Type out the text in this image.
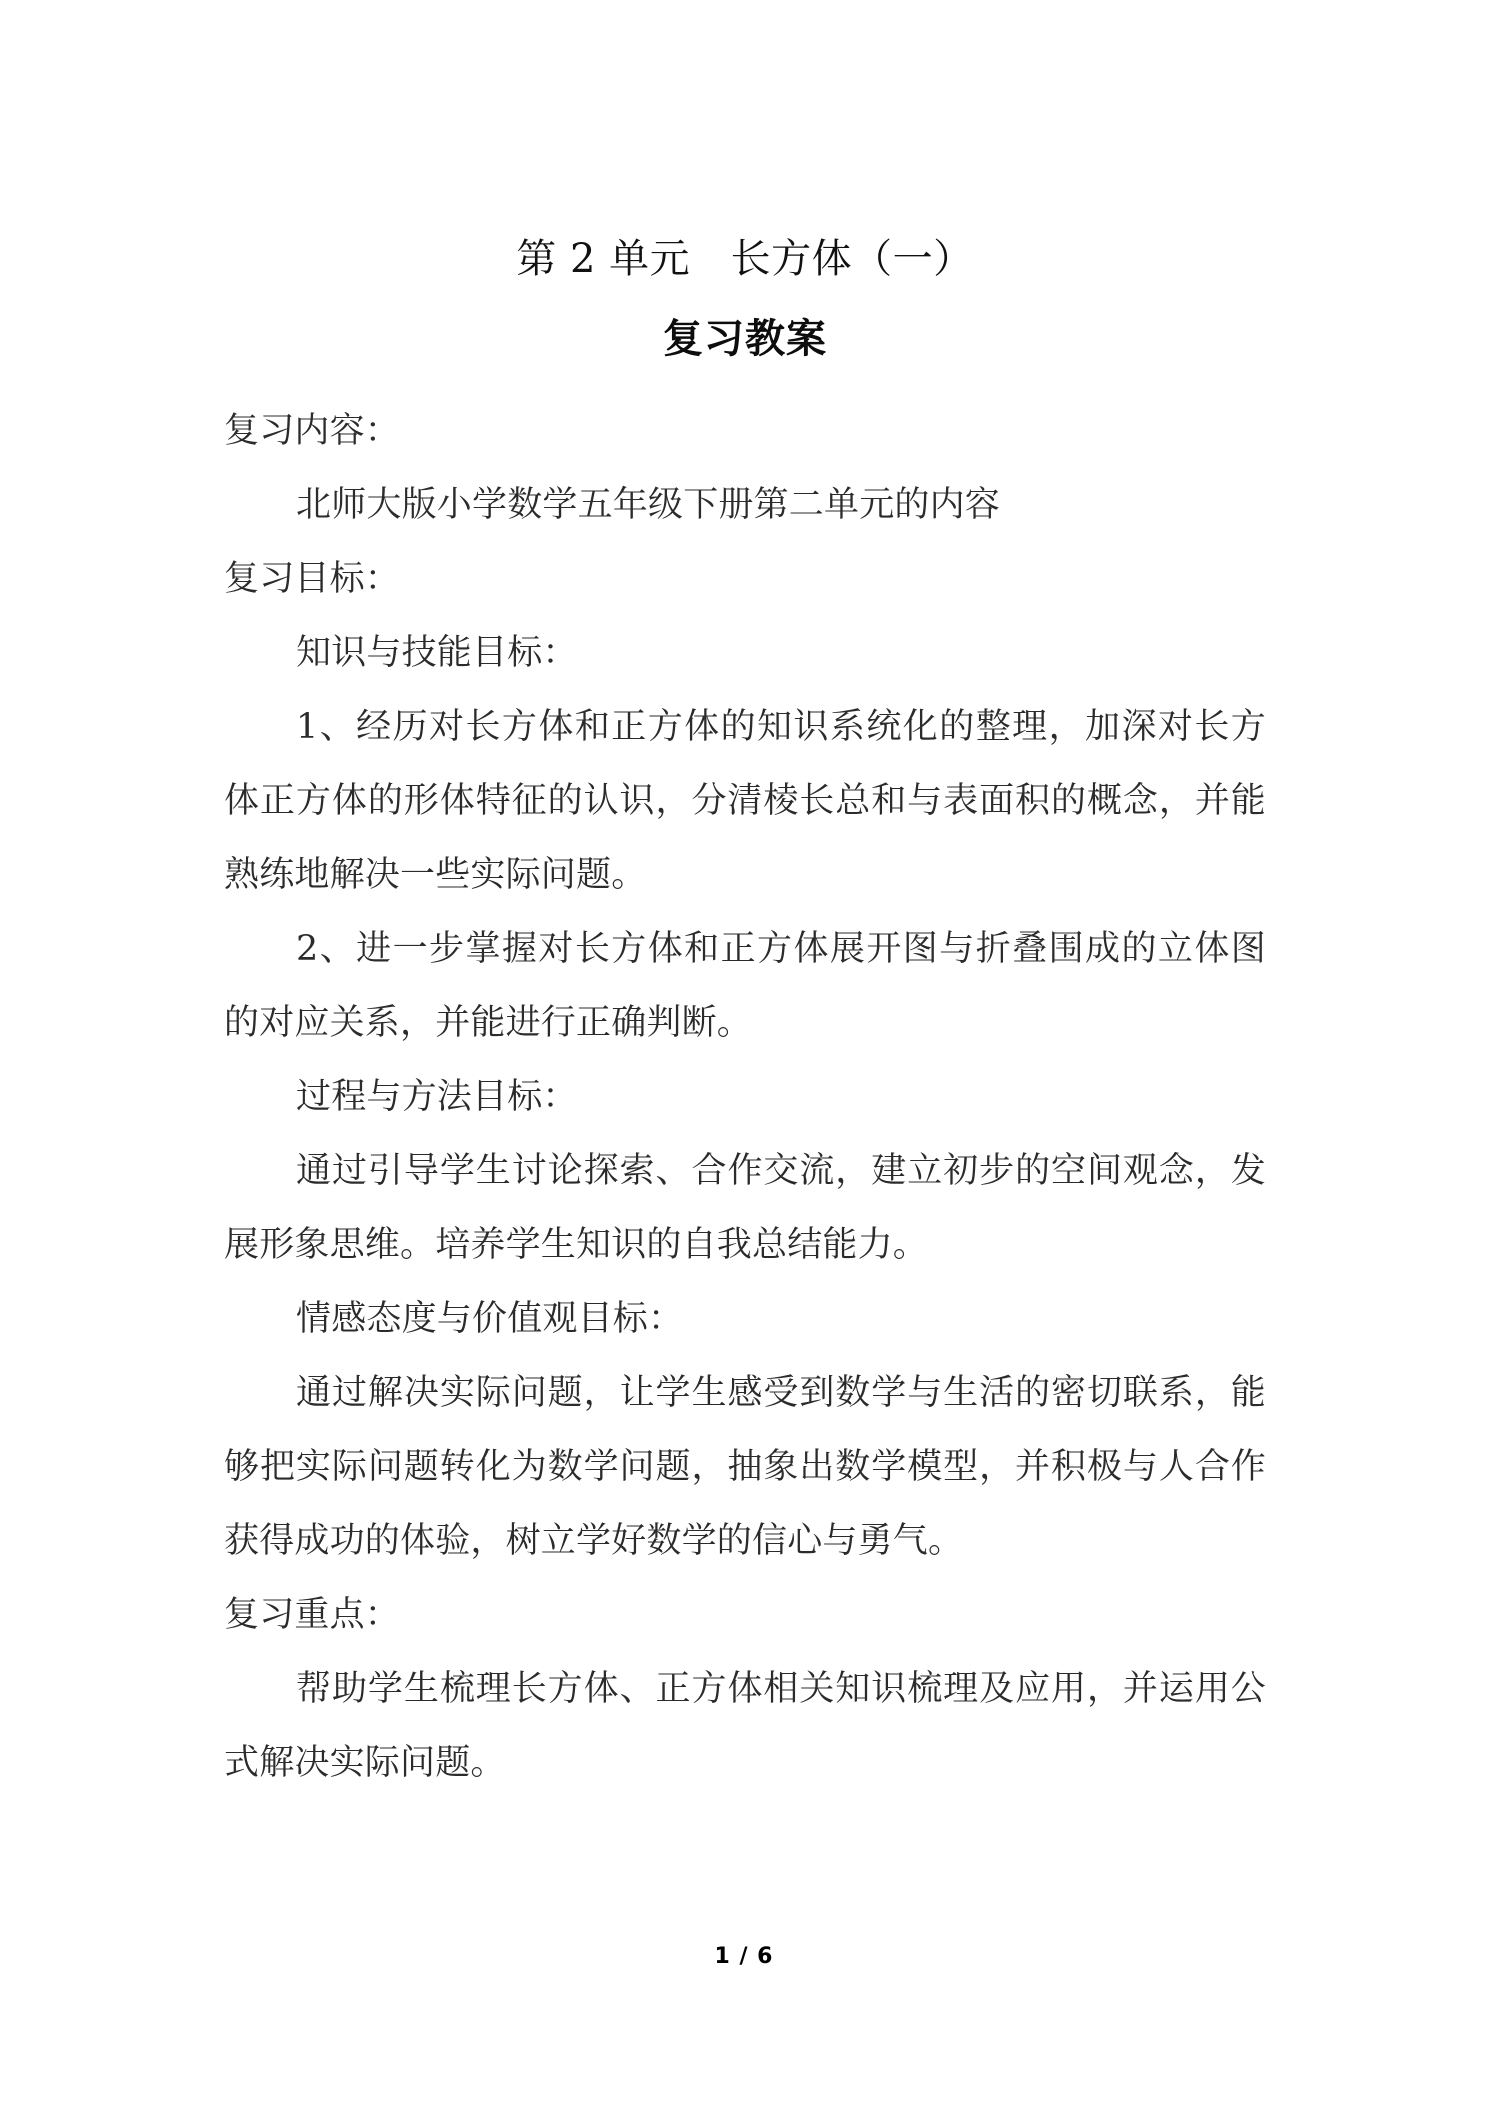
第 2 单元　长方体（一）
复习教案

复习内容：

北师大版小学数学五年级下册第二单元的内容

复习目标：

知识与技能目标：

1、经历对长方体和正方体的知识系统化的整理，加深对长方体正方体的形体特征的认识，分清棱长总和与表面积的概念，并能熟练地解决一些实际问题。

2、进一步掌握对长方体和正方体展开图与折叠围成的立体图的对应关系，并能进行正确判断。

过程与方法目标：

通过引导学生讨论探索、合作交流，建立初步的空间观念，发展形象思维。培养学生知识的自我总结能力。

情感态度与价值观目标：

通过解决实际问题，让学生感受到数学与生活的密切联系，能够把实际问题转化为数学问题，抽象出数学模型，并积极与人合作获得成功的体验，树立学好数学的信心与勇气。

复习重点：

帮助学生梳理长方体、正方体相关知识梳理及应用，并运用公式解决实际问题。

1 / 6
